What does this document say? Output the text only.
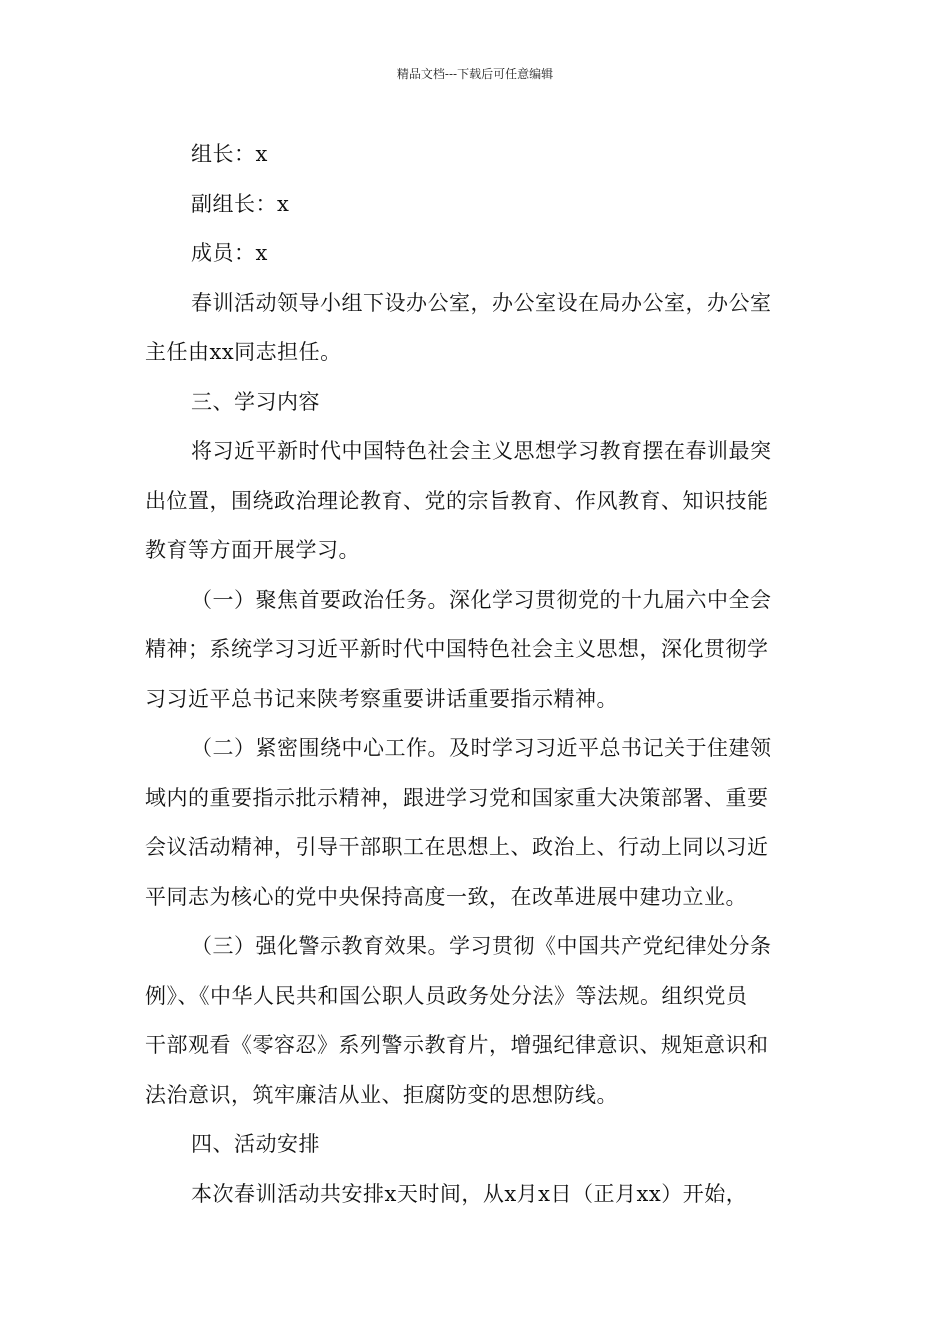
精品文档---下载后可任意编辑
组长：x
副组长：x
成员：x
春训活动领导小组下设办公室，办公室设在局办公室，办公室
主任由xx同志担任。
三、学习内容
将习近平新时代中国特色社会主义思想学习教育摆在春训最突
出位置，围绕政治理论教育、党的宗旨教育、作风教育、知识技能
教育等方面开展学习。
（一）聚焦首要政治任务。深化学习贯彻党的十九届六中全会
精神；系统学习习近平新时代中国特色社会主义思想，深化贯彻学
习习近平总书记来陕考察重要讲话重要指示精神。
（二）紧密围绕中心工作。及时学习习近平总书记关于住建领
域内的重要指示批示精神，跟进学习党和国家重大决策部署、重要
会议活动精神，引导干部职工在思想上、政治上、行动上同以习近
平同志为核心的党中央保持高度一致，在改革进展中建功立业。
（三）强化警示教育效果。学习贯彻《中国共产党纪律处分条
例》、《中华人民共和国公职人员政务处分法》等法规。组织党员
干部观看《零容忍》系列警示教育片，增强纪律意识、规矩意识和
法治意识，筑牢廉洁从业、拒腐防变的思想防线。
四、活动安排
本次春训活动共安排x天时间，从x月x日（正月xx）开始，
